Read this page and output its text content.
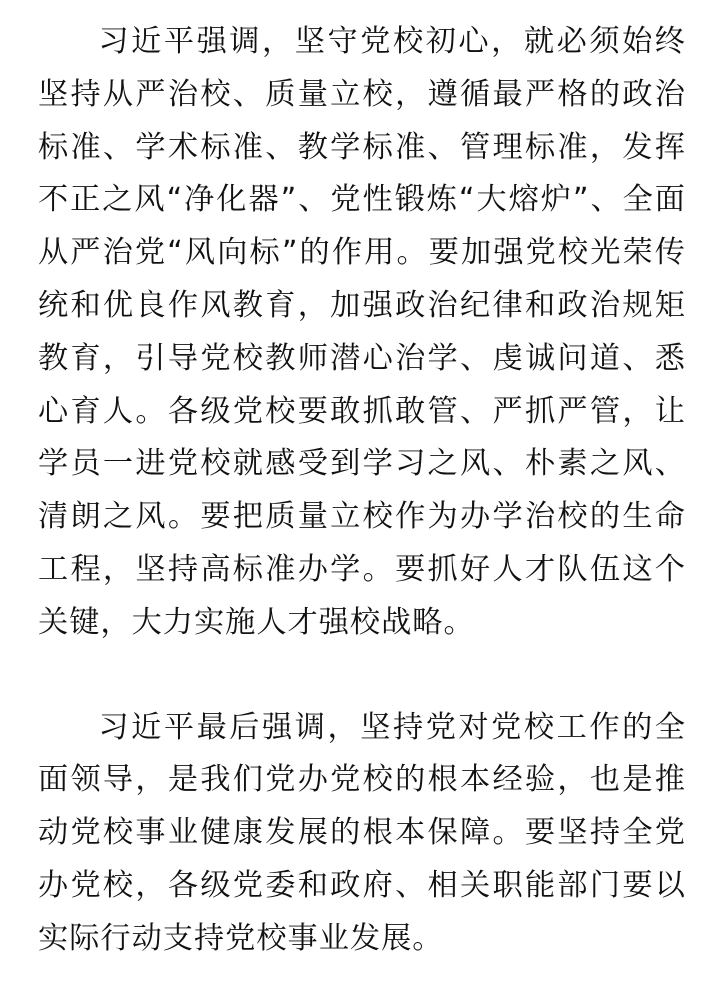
习近平强调，坚守党校初心，就必须始终坚持从严治校、质量立校，遵循最严格的政治标准、学术标准、教学标准、管理标准，发挥不正之风“净化器”、党性锻炼“大熔炉”、全面从严治党“风向标”的作用。要加强党校光荣传统和优良作风教育，加强政治纪律和政治规矩教育，引导党校教师潜心治学、虔诚问道、悉心育人。各级党校要敢抓敢管、严抓严管，让学员一进党校就感受到学习之风、朴素之风、清朗之风。要把质量立校作为办学治校的生命工程，坚持高标准办学。要抓好人才队伍这个关键，大力实施人才强校战略。

习近平最后强调，坚持党对党校工作的全面领导，是我们党办党校的根本经验，也是推动党校事业健康发展的根本保障。要坚持全党办党校，各级党委和政府、相关职能部门要以实际行动支持党校事业发展。
